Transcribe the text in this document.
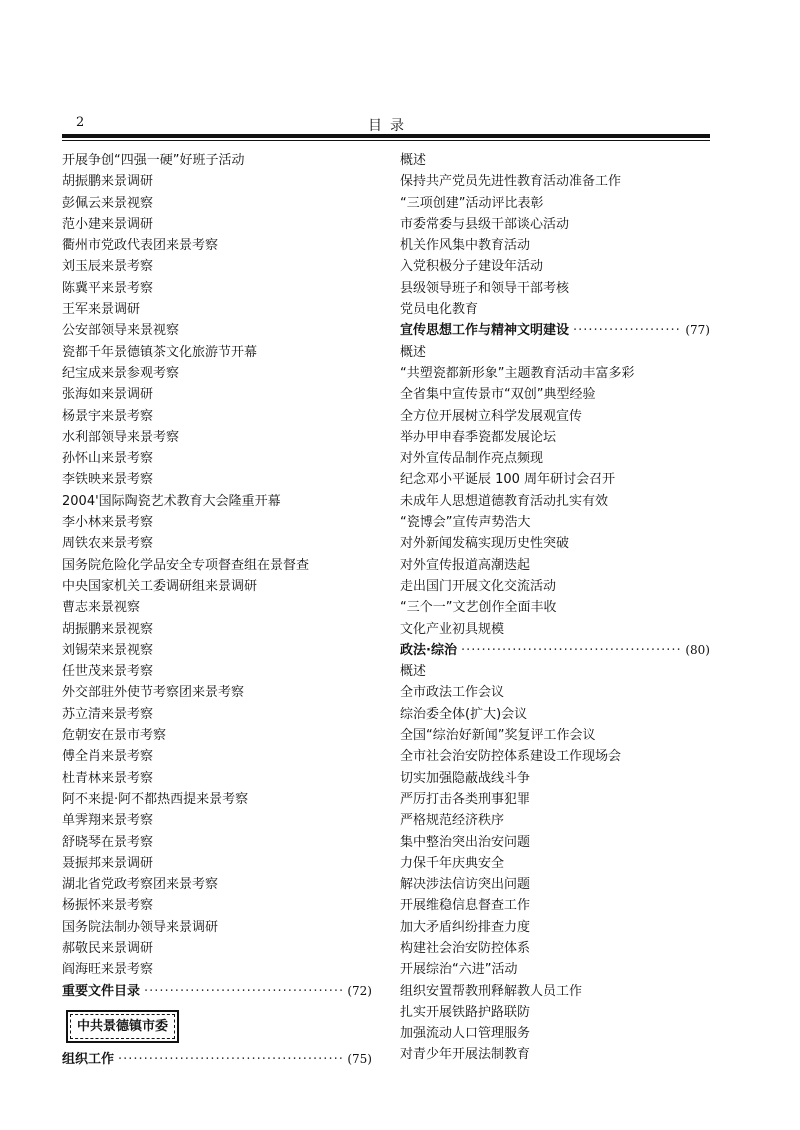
2	目录
开展争创“四强一硬”好班子活动
胡振鹏来景调研
彭佩云来景视察
范小建来景调研
衢州市党政代表团来景考察
刘玉辰来景考察
陈冀平来景考察
王军来景调研
公安部领导来景视察
瓷都千年景德镇茶文化旅游节开幕
纪宝成来景参观考察
张海如来景调研
杨景宇来景考察
水利部领导来景考察
孙怀山来景考察
李铁映来景考察
2004'国际陶瓷艺术教育大会隆重开幕
李小林来景考察
周铁农来景考察
国务院危险化学品安全专项督查组在景督查
中央国家机关工委调研组来景调研
曹志来景视察
胡振鹏来景视察
刘锡荣来景视察
任世茂来景考察
外交部驻外使节考察团来景考察
苏立清来景考察
危朝安在景市考察
傅全肖来景考察
杜青林来景考察
阿不来提·阿不都热西提来景考察
单霁翔来景考察
舒晓琴在景考察
聂振邦来景调研
湖北省党政考察团来景考察
杨振怀来景考察
国务院法制办领导来景调研
郝敬民来景调研
阎海旺来景考察
重要文件目录 ·····	(72)
中共景德镇市委
组织工作 ·····	(75)
概述
保持共产党员先进性教育活动准备工作
“三项创建”活动评比表彰
市委常委与县级干部谈心活动
机关作风集中教育活动
入党积极分子建设年活动
县级领导班子和领导干部考核
党员电化教育
宣传思想工作与精神文明建设 ·····	(77)
概述
“共塑瓷都新形象”主题教育活动丰富多彩
全省集中宣传景市“双创”典型经验
全方位开展树立科学发展观宣传
举办甲申春季瓷都发展论坛
对外宣传品制作亮点频现
纪念邓小平诞辰 100 周年研讨会召开
未成年人思想道德教育活动扎实有效
“瓷博会”宣传声势浩大
对外新闻发稿实现历史性突破
对外宣传报道高潮迭起
走出国门开展文化交流活动
“三个一”文艺创作全面丰收
文化产业初具规模
政法·综治 ·····	(80)
概述
全市政法工作会议
综治委全体(扩大)会议
全国“综治好新闻”奖复评工作会议
全市社会治安防控体系建设工作现场会
切实加强隐蔽战线斗争
严厉打击各类刑事犯罪
严格规范经济秩序
集中整治突出治安问题
力保千年庆典安全
解决涉法信访突出问题
开展维稳信息督查工作
加大矛盾纠纷排查力度
构建社会治安防控体系
开展综治“六进”活动
组织安置帮教刑释解教人员工作
扎实开展铁路护路联防
加强流动人口管理服务
对青少年开展法制教育
